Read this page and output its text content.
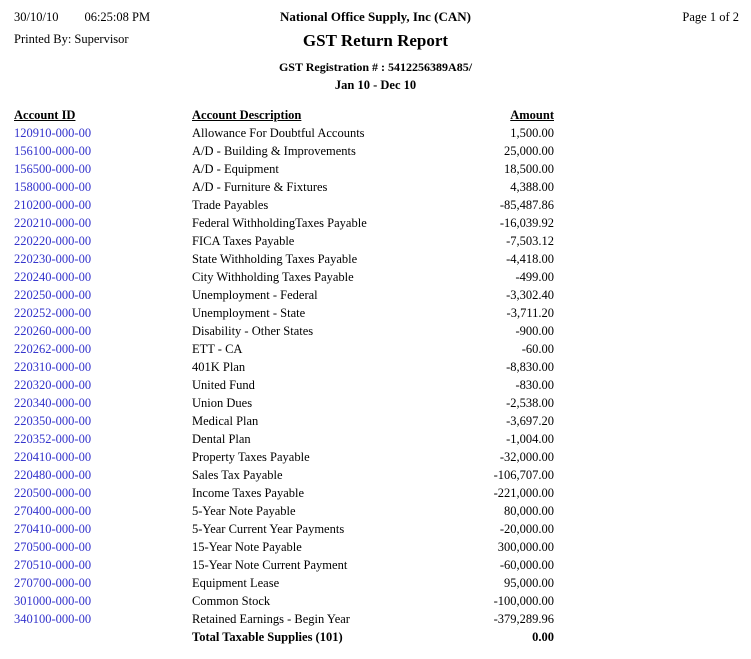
30/10/10 06:25:08 PM	National Office Supply, Inc (CAN)	Page 1 of 2
Printed By: Supervisor	GST Return Report
GST Registration # : 5412256389A85/
Jan 10 - Dec 10
Account ID	Account Description	Amount
120910-000-00	Allowance For Doubtful Accounts	1,500.00
156100-000-00	A/D - Building & Improvements	25,000.00
156500-000-00	A/D - Equipment	18,500.00
158000-000-00	A/D - Furniture & Fixtures	4,388.00
210200-000-00	Trade Payables	-85,487.86
220210-000-00	Federal WithholdingTaxes Payable	-16,039.92
220220-000-00	FICA Taxes Payable	-7,503.12
220230-000-00	State Withholding Taxes Payable	-4,418.00
220240-000-00	City Withholding Taxes Payable	-499.00
220250-000-00	Unemployment - Federal	-3,302.40
220252-000-00	Unemployment - State	-3,711.20
220260-000-00	Disability - Other States	-900.00
220262-000-00	ETT - CA	-60.00
220310-000-00	401K Plan	-8,830.00
220320-000-00	United Fund	-830.00
220340-000-00	Union Dues	-2,538.00
220350-000-00	Medical Plan	-3,697.20
220352-000-00	Dental Plan	-1,004.00
220410-000-00	Property Taxes Payable	-32,000.00
220480-000-00	Sales Tax Payable	-106,707.00
220500-000-00	Income Taxes Payable	-221,000.00
270400-000-00	5-Year Note Payable	80,000.00
270410-000-00	5-Year Current Year Payments	-20,000.00
270500-000-00	15-Year Note Payable	300,000.00
270510-000-00	15-Year Note Current Payment	-60,000.00
270700-000-00	Equipment Lease	95,000.00
301000-000-00	Common Stock	-100,000.00
340100-000-00	Retained Earnings - Begin Year	-379,289.96
	Total Taxable Supplies (101)	0.00
